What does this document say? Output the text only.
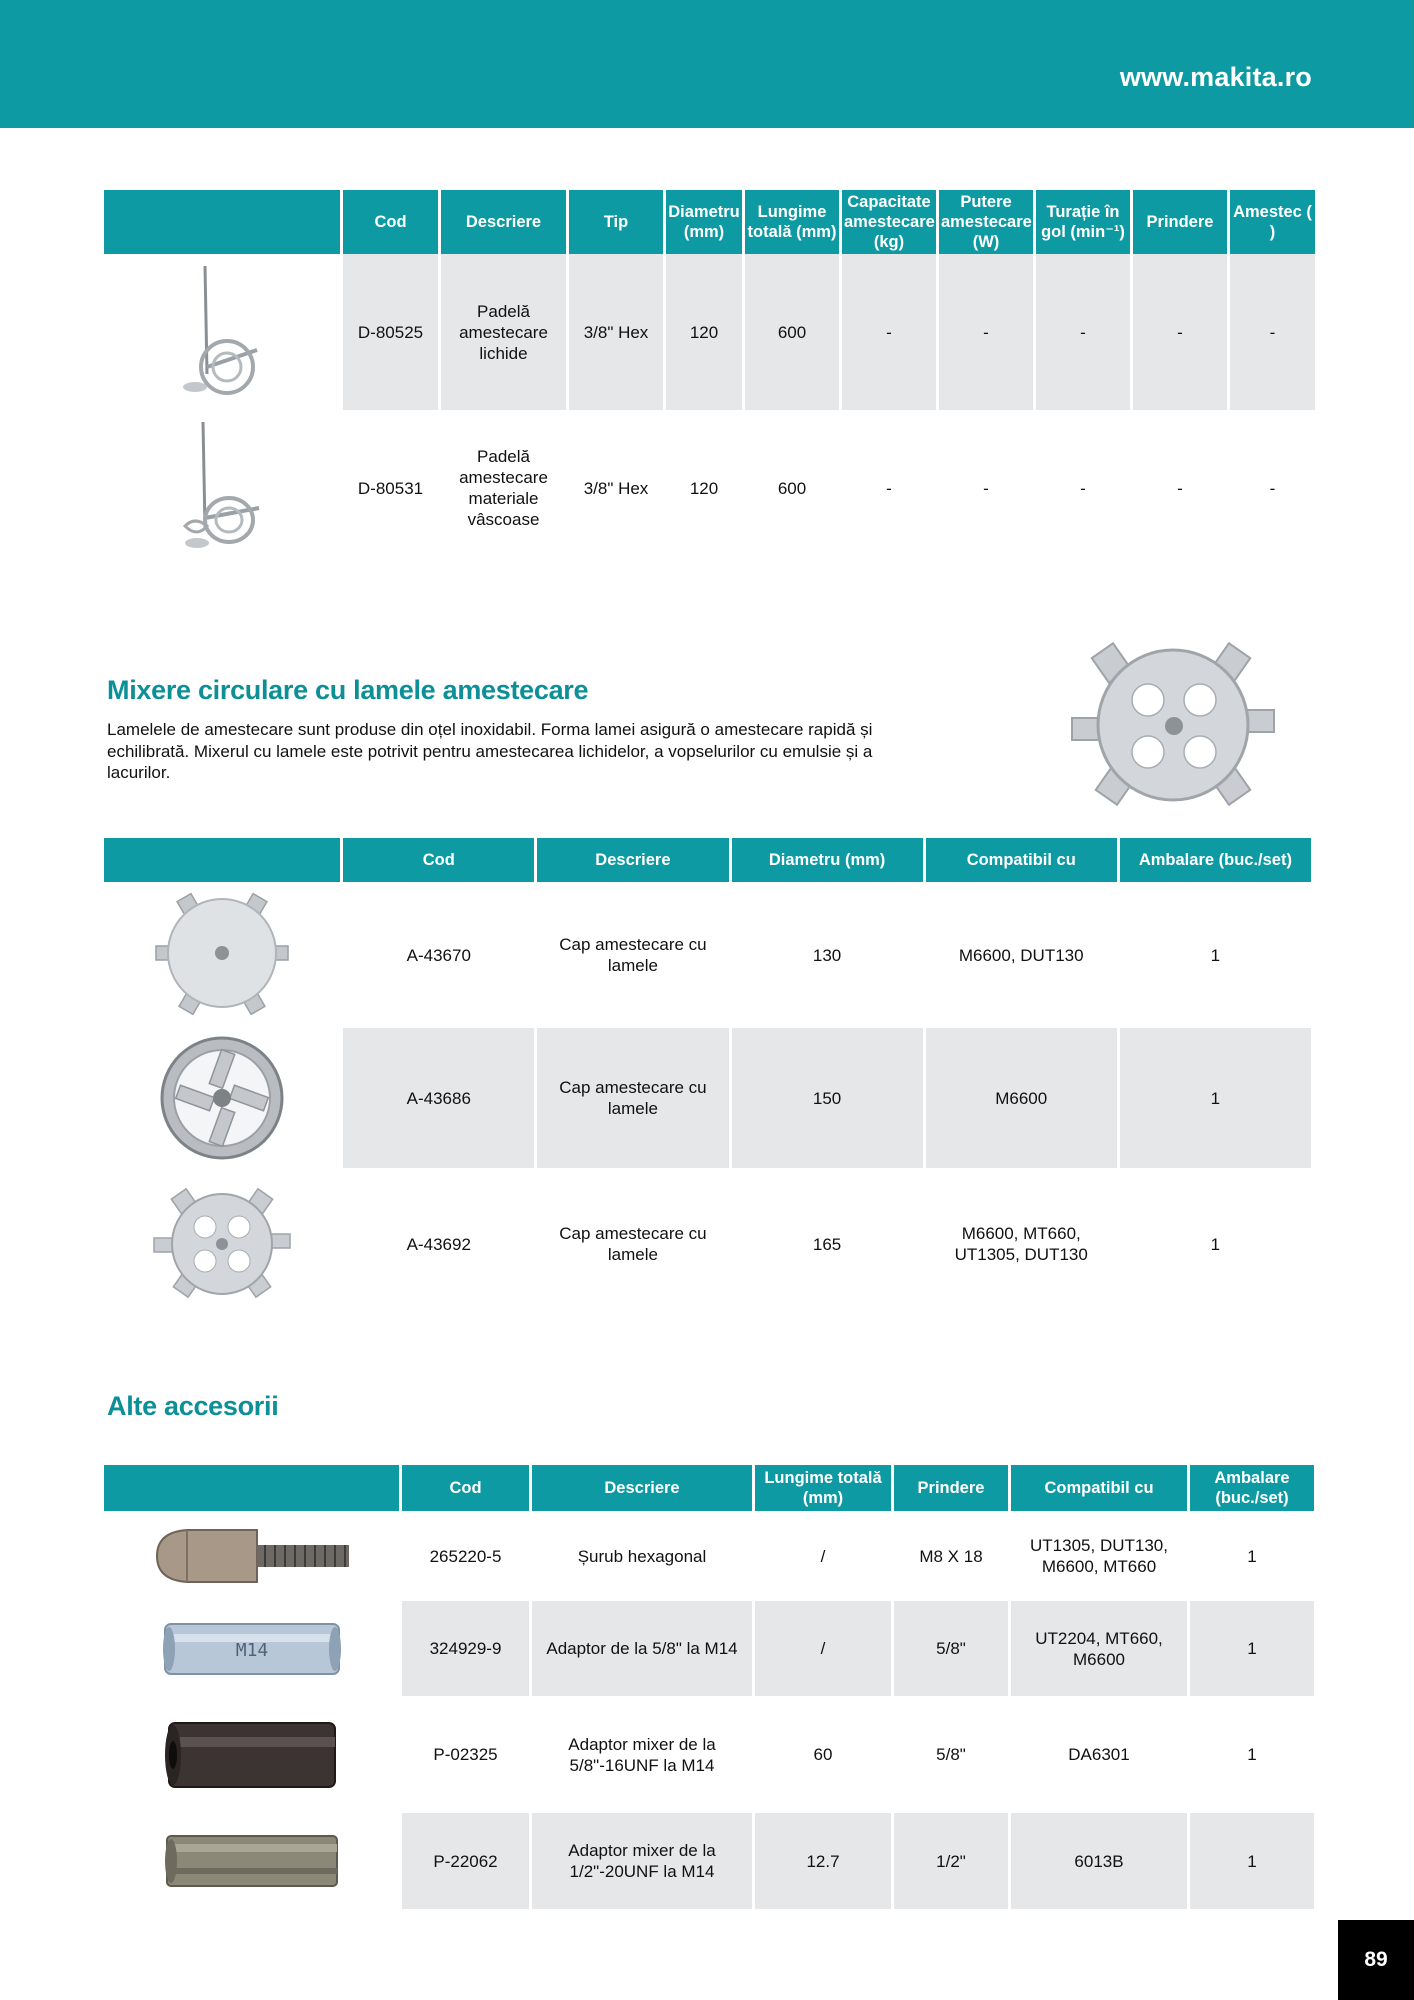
www.makita.ro
	Cod	Descriere	Tip	Diametru (mm)	Lungime totală (mm)	Capacitate amestecare (kg)	Putere amestecare (W)	Turație în gol (min⁻¹)	Prindere	Amestec ( )

	D-80525	Padelă amestecare lichide	3/8" Hex	120	600	-	-	-	-	-

	D-80531	Padelă amestecare materiale vâscoase	3/8" Hex	120	600	-	-	-	-	-
Mixere circulare cu lamele amestecare
Lamelele de amestecare sunt produse din oțel inoxidabil. Forma lamei asigură o amestecare rapidă și echilibrată. Mixerul cu lamele este potrivit pentru amestecarea lichidelor, a vopselurilor cu emulsie și a lacurilor.
	Cod	Descriere	Diametru (mm)	Compatibil cu	Ambalare (buc./set)

	A-43670	Cap amestecare cu lamele	130	M6600, DUT130	1

	A-43686	Cap amestecare cu lamele	150	M6600	1

	A-43692	Cap amestecare cu lamele	165	M6600, MT660, UT1305, DUT130	1
Alte accesorii
	Cod	Descriere	Lungime totală (mm)	Prindere	Compatibil cu	Ambalare (buc./set)

	265220-5	Șurub hexagonal	/	M8 X 18	UT1305, DUT130, M6600, MT660	1

M14	324929-9	Adaptor de la 5/8" la M14	/	5/8"	UT2204, MT660, M6600	1

	P-02325	Adaptor mixer de la 5/8"-16UNF la M14	60	5/8"	DA6301	1

	P-22062	Adaptor mixer de la 1/2"-20UNF la M14	12.7	1/2"	6013B	1
89
